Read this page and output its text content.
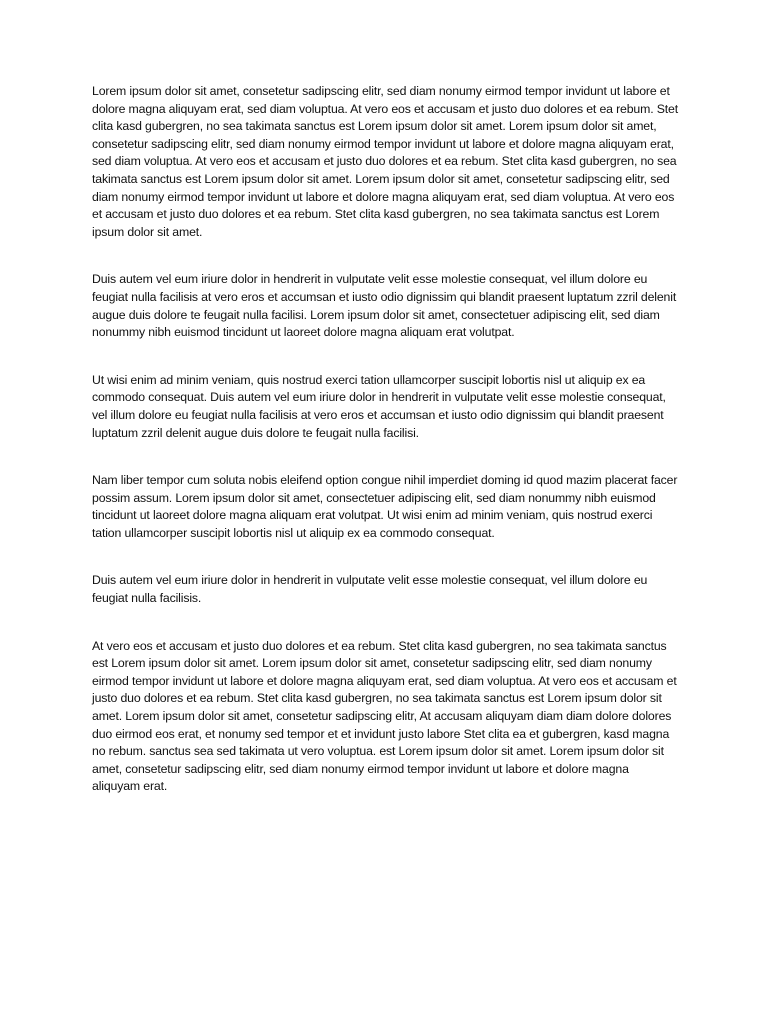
Lorem ipsum dolor sit amet, consetetur sadipscing elitr, sed diam nonumy eirmod tempor invidunt ut labore et dolore magna aliquyam erat, sed diam voluptua. At vero eos et accusam et justo duo dolores et ea rebum. Stet clita kasd gubergren, no sea takimata sanctus est Lorem ipsum dolor sit amet. Lorem ipsum dolor sit amet, consetetur sadipscing elitr, sed diam nonumy eirmod tempor invidunt ut labore et dolore magna aliquyam erat, sed diam voluptua. At vero eos et accusam et justo duo dolores et ea rebum. Stet clita kasd gubergren, no sea takimata sanctus est Lorem ipsum dolor sit amet. Lorem ipsum dolor sit amet, consetetur sadipscing elitr, sed diam nonumy eirmod tempor invidunt ut labore et dolore magna aliquyam erat, sed diam voluptua. At vero eos et accusam et justo duo dolores et ea rebum. Stet clita kasd gubergren, no sea takimata sanctus est Lorem ipsum dolor sit amet.

Duis autem vel eum iriure dolor in hendrerit in vulputate velit esse molestie consequat, vel illum dolore eu feugiat nulla facilisis at vero eros et accumsan et iusto odio dignissim qui blandit praesent luptatum zzril delenit augue duis dolore te feugait nulla facilisi. Lorem ipsum dolor sit amet, consectetuer adipiscing elit, sed diam nonummy nibh euismod tincidunt ut laoreet dolore magna aliquam erat volutpat.

Ut wisi enim ad minim veniam, quis nostrud exerci tation ullamcorper suscipit lobortis nisl ut aliquip ex ea commodo consequat. Duis autem vel eum iriure dolor in hendrerit in vulputate velit esse molestie consequat, vel illum dolore eu feugiat nulla facilisis at vero eros et accumsan et iusto odio dignissim qui blandit praesent luptatum zzril delenit augue duis dolore te feugait nulla facilisi.

Nam liber tempor cum soluta nobis eleifend option congue nihil imperdiet doming id quod mazim placerat facer possim assum. Lorem ipsum dolor sit amet, consectetuer adipiscing elit, sed diam nonummy nibh euismod tincidunt ut laoreet dolore magna aliquam erat volutpat. Ut wisi enim ad minim veniam, quis nostrud exerci tation ullamcorper suscipit lobortis nisl ut aliquip ex ea commodo consequat.

Duis autem vel eum iriure dolor in hendrerit in vulputate velit esse molestie consequat, vel illum dolore eu feugiat nulla facilisis.

At vero eos et accusam et justo duo dolores et ea rebum. Stet clita kasd gubergren, no sea takimata sanctus est Lorem ipsum dolor sit amet. Lorem ipsum dolor sit amet, consetetur sadipscing elitr, sed diam nonumy eirmod tempor invidunt ut labore et dolore magna aliquyam erat, sed diam voluptua. At vero eos et accusam et justo duo dolores et ea rebum. Stet clita kasd gubergren, no sea takimata sanctus est Lorem ipsum dolor sit amet. Lorem ipsum dolor sit amet, consetetur sadipscing elitr, At accusam aliquyam diam diam dolore dolores duo eirmod eos erat, et nonumy sed tempor et et invidunt justo labore Stet clita ea et gubergren, kasd magna no rebum. sanctus sea sed takimata ut vero voluptua. est Lorem ipsum dolor sit amet. Lorem ipsum dolor sit amet, consetetur sadipscing elitr, sed diam nonumy eirmod tempor invidunt ut labore et dolore magna aliquyam erat.
